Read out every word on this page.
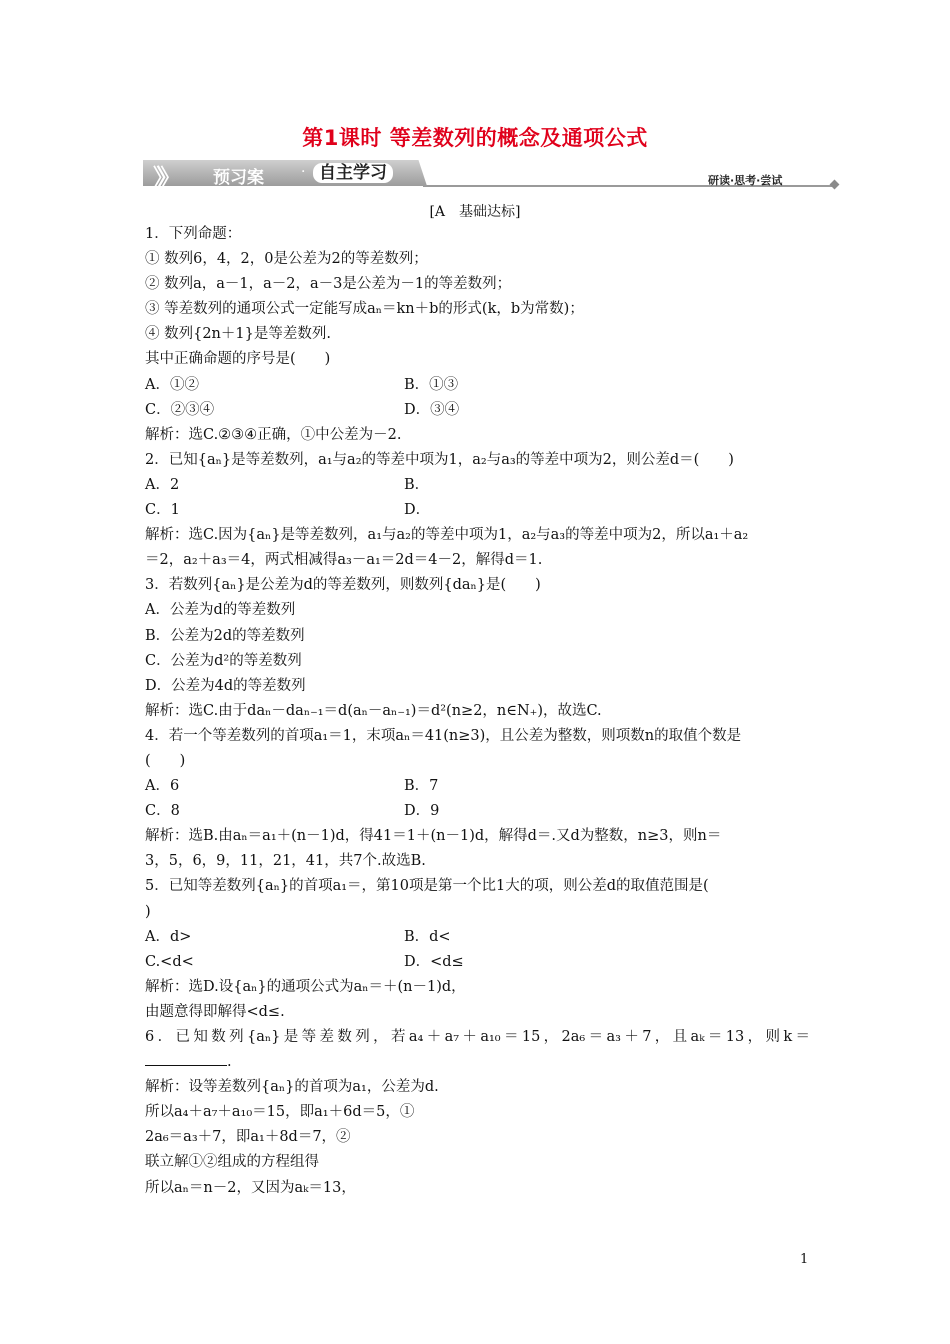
第1课时 等差数列的概念及通项公式
》》 预习案	· 自主学习	研读·思考·尝试
[A　基础达标]
1．下列命题：
① 数列6，4，2，0是公差为2的等差数列；
② 数列a，a－1，a－2，a－3是公差为－1的等差数列；
③ 等差数列的通项公式一定能写成aₙ＝kn＋b的形式(k，b为常数)；
④ 数列{2n＋1}是等差数列.
其中正确命题的序号是(　　)
A．①②	B．①③
C．②③④	D．③④
解析：选C.②③④正确，①中公差为－2.
2．已知{aₙ}是等差数列，a₁与a₂的等差中项为1，a₂与a₃的等差中项为2，则公差d＝(　　)
A．2	B．
C．1	D．
解析：选C.因为{aₙ}是等差数列，a₁与a₂的等差中项为1，a₂与a₃的等差中项为2，所以a₁＋a₂
＝2，a₂＋a₃＝4，两式相减得a₃－a₁＝2d＝4－2，解得d＝1.
3．若数列{aₙ}是公差为d的等差数列，则数列{daₙ}是(　　)
A．公差为d的等差数列
B．公差为2d的等差数列
C．公差为d²的等差数列
D．公差为4d的等差数列
解析：选C.由于daₙ－daₙ₋₁＝d(aₙ－aₙ₋₁)＝d²(n≥2，n∈N₊)，故选C.
4．若一个等差数列的首项a₁＝1，末项aₙ＝41(n≥3)，且公差为整数，则项数n的取值个数是
(　　)
A．6	B．7
C．8	D．9
解析：选B.由aₙ＝a₁＋(n－1)d，得41＝1＋(n－1)d，解得d＝.又d为整数，n≥3，则n＝
3，5，6，9，11，21，41，共7个.故选B.
5．已知等差数列{aₙ}的首项a₁＝，第10项是第一个比1大的项，则公差d的取值范围是(
)
A．d>	B．d<
C.<d<	D．<d≤
解析：选D.设{aₙ}的通项公式为aₙ＝＋(n－1)d，
由题意得即解得<d≤.
6．已知数列{aₙ}是等差数列，若a₄＋a₇＋a₁₀＝15，2a₆＝a₃＋7，且aₖ＝13，则k＝
.
解析：设等差数列{aₙ}的首项为a₁，公差为d.
所以a₄＋a₇＋a₁₀＝15，即a₁＋6d＝5，①
2a₆＝a₃＋7，即a₁＋8d＝7，②
联立解①②组成的方程组得
所以aₙ＝n－2，又因为aₖ＝13，
1
